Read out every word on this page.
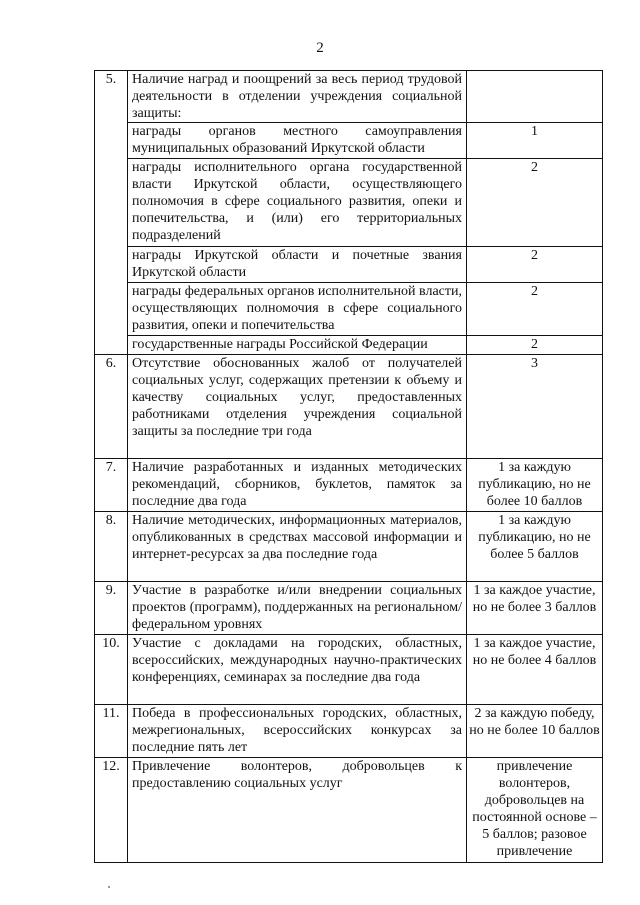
2
5.	Наличие наград и поощрений за весь период трудовой деятельности в отделении учреждения социальной защиты:	
	награды органов местного самоуправления муниципальных образований Иркутской области	1
	награды исполнительного органа государственной власти Иркутской области, осуществляющего полномочия в сфере социального развития, опеки и попечительства, и (или) его территориальных подразделений	2
	награды Иркутской области и почетные звания Иркутской области	2
	награды федеральных органов исполнительной власти, осуществляющих полномочия в сфере социального развития, опеки и попечительства	2
	государственные награды Российской Федерации	2
6.	Отсутствие обоснованных жалоб от получателей социальных услуг, содержащих претензии к объему и качеству социальных услуг, предоставленных работниками отделения учреждения социальной защиты за последние три года	3
7.	Наличие разработанных и изданных методических рекомендаций, сборников, буклетов, памяток за последние два года	1 за каждую публикацию, но не более 10 баллов
8.	Наличие методических, информационных материалов, опубликованных в средствах массовой информации и интернет-ресурсах за два последние года	1 за каждую публикацию, но не более 5 баллов
9.	Участие в разработке и/или внедрении социальных проектов (программ), поддержанных на региональном/федеральном уровнях	1 за каждое участие, но не более 3 баллов
10.	Участие с докладами на городских, областных, всероссийских, международных научно-практических конференциях, семинарах за последние два года	1 за каждое участие, но не более 4 баллов
11.	Победа в профессиональных городских, областных, межрегиональных, всероссийских конкурсах за последние пять лет	2 за каждую победу, но не более 10 баллов
12.	Привлечение волонтеров, добровольцев к предоставлению социальных услуг	привлечение волонтеров, добровольцев на постоянной основе – 5 баллов; разовое привлечение
